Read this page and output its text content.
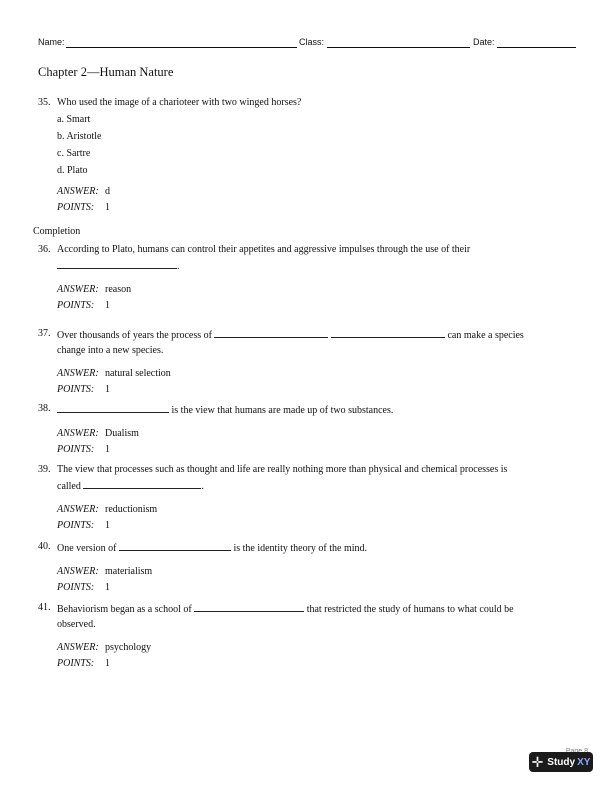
Name:	Class:	Date:
Chapter 2—Human Nature
35. Who used the image of a charioteer with two winged horses?
a. Smart
b. Aristotle
c. Sartre
d. Plato
ANSWER: d
POINTS: 1
Completion
36. According to Plato, humans can control their appetites and aggressive impulses through the use of their
.
ANSWER: reason
POINTS: 1
37. Over thousands of years the process of	can make a species
change into a new species.
ANSWER: natural selection
POINTS: 1
38.	is the view that humans are made up of two substances.
ANSWER: Dualism
POINTS: 1
39. The view that processes such as thought and life are really nothing more than physical and chemical processes is
called	.
ANSWER: reductionism
POINTS: 1
40. One version of	is the identity theory of the mind.
ANSWER: materialism
POINTS: 1
41. Behaviorism began as a school of	that restricted the study of humans to what could be
observed.
ANSWER: psychology
POINTS: 1
✛ Study XY
